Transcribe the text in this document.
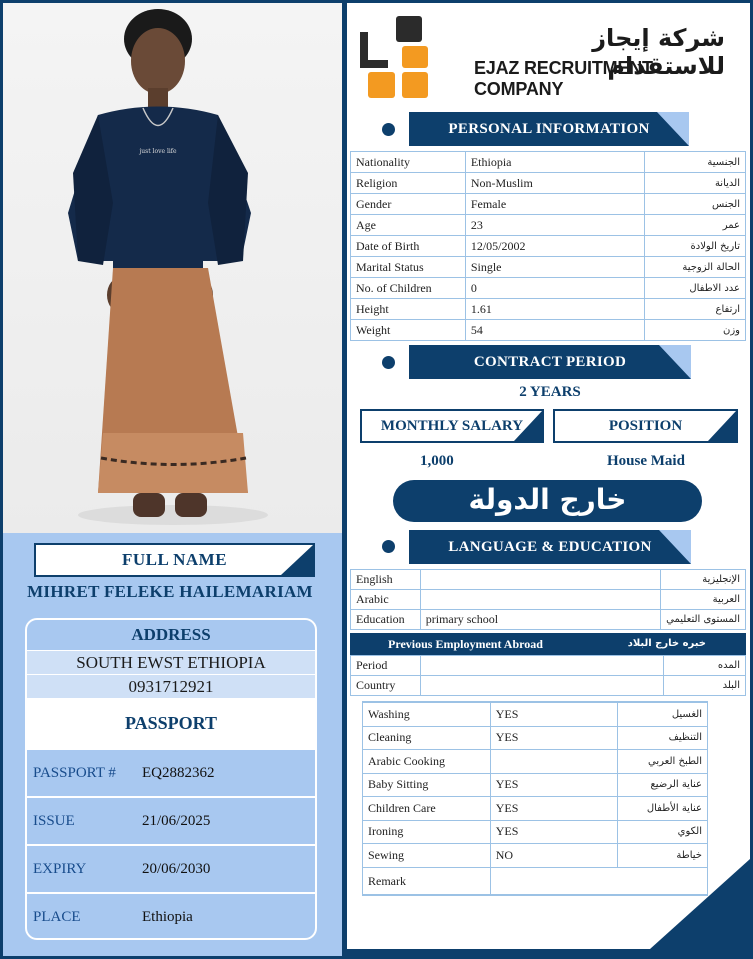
just love life
FULL NAME
MIHRET FELEKE HAILEMARIAM
ADDRESS
SOUTH EWST ETHIOPIA
0931712921
PASSPORT
PASSPORT # EQ2882362
ISSUE	21/06/2025
EXPIRY	20/06/2030
PLACE	Ethiopia
شركة إيجاز للاستقدام
EJAZ RECRUITMENT COMPANY
PERSONAL INFORMATION
Nationality	Ethiopia	الجنسية
Religion	Non-Muslim	الديانة
Gender	Female	الجنس
Age	23	عمر
Date of Birth	12/05/2002	تاريخ الولادة
Marital Status	Single	الحالة الزوجية
No. of Children	0	عدد الاطفال
Height	1.61	ارتفاع
Weight	54	وزن
CONTRACT PERIOD
2 YEARS
MONTHLY SALARY	POSITION
1,000	House Maid
خارج الدولة
LANGUAGE & EDUCATION
English		الإنجليزية
Arabic		العربية
Education	primary school	المستوى التعليمي
Previous Employment Abroad	خبره خارج البلاد
Period		المده
Country		البلد
Washing	YES	الغسيل
Cleaning	YES	التنظيف
Arabic Cooking		الطبخ العربي
Baby Sitting	YES	عناية الرضيع
Children Care	YES	عناية الأطفال
Ironing	YES	الكوي
Sewing	NO	خياطة
Remark		
